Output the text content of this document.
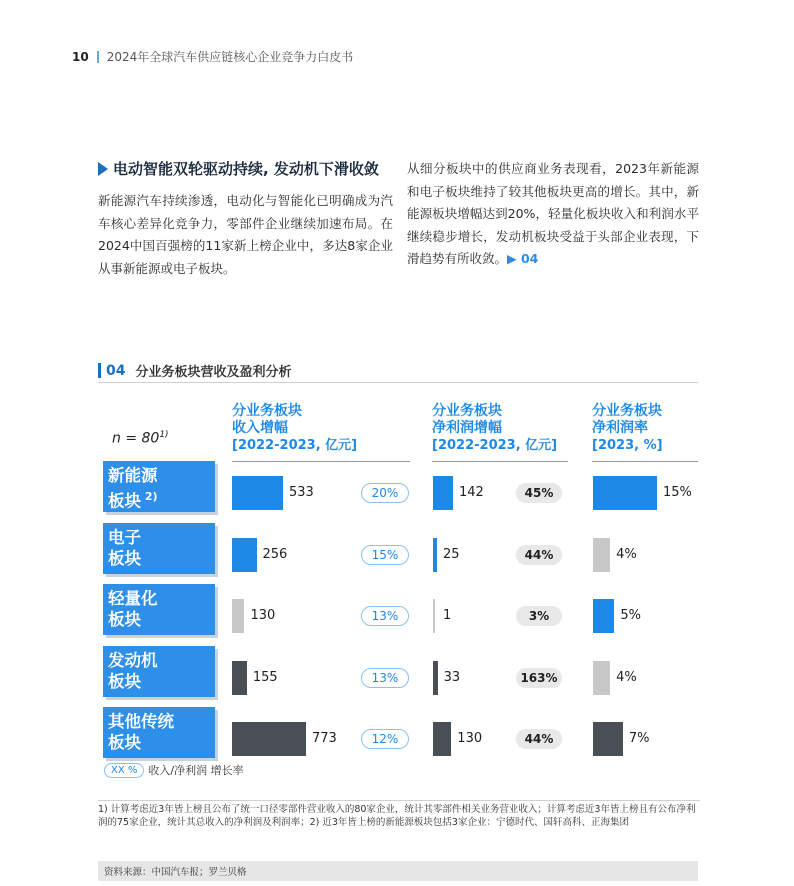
10 2024年全球汽车供应链核心企业竞争力白皮书
电动智能双轮驱动持续, 发动机下滑收敛

新能源汽车持续渗透，电动化与智能化已明确成为汽车核心差异化竞争力，零部件企业继续加速布局。在2024中国百强榜的11家新上榜企业中，多达8家企业从事新能源或电子板块。

从细分板块中的供应商业务表现看，2023年新能源和电子板块维持了较其他板块更高的增长。其中，新能源板块增幅达到20%，轻量化板块收入和利润水平继续稳步增长，发动机板块受益于头部企业表现，下滑趋势有所收敛。▶ 04

04 分业务板块营收及盈利分析
$n = 80^{1)}$
分业务板块
收入增幅
[2022-2023, 亿元]
分业务板块
净利润增幅
[2022-2023, 亿元]
分业务板块
净利润率
[2023, %]
新能源
板块 $^{2)}$	533	20%	142	45%	15%
电子
板块	256	15%	25	44%	4%
轻量化
板块	130	13%	1	3%	5%
发动机
板块	155	13%	33	163%	4%
其他传统
板块	773	12%	130	44%	7%
XX %	收入/净利润 增长率
1) 计算考虑近3年皆上榜且公布了统一口径零部件营业收入的80家企业，统计其零部件相关业务营业收入；计算考虑近3年皆上榜且有公布净利润的75家企业，统计其总收入的净利润及利润率；2) 近3年皆上榜的新能源板块包括3家企业：宁德时代、国轩高科、正海集团
资料来源：中国汽车报；罗兰贝格
